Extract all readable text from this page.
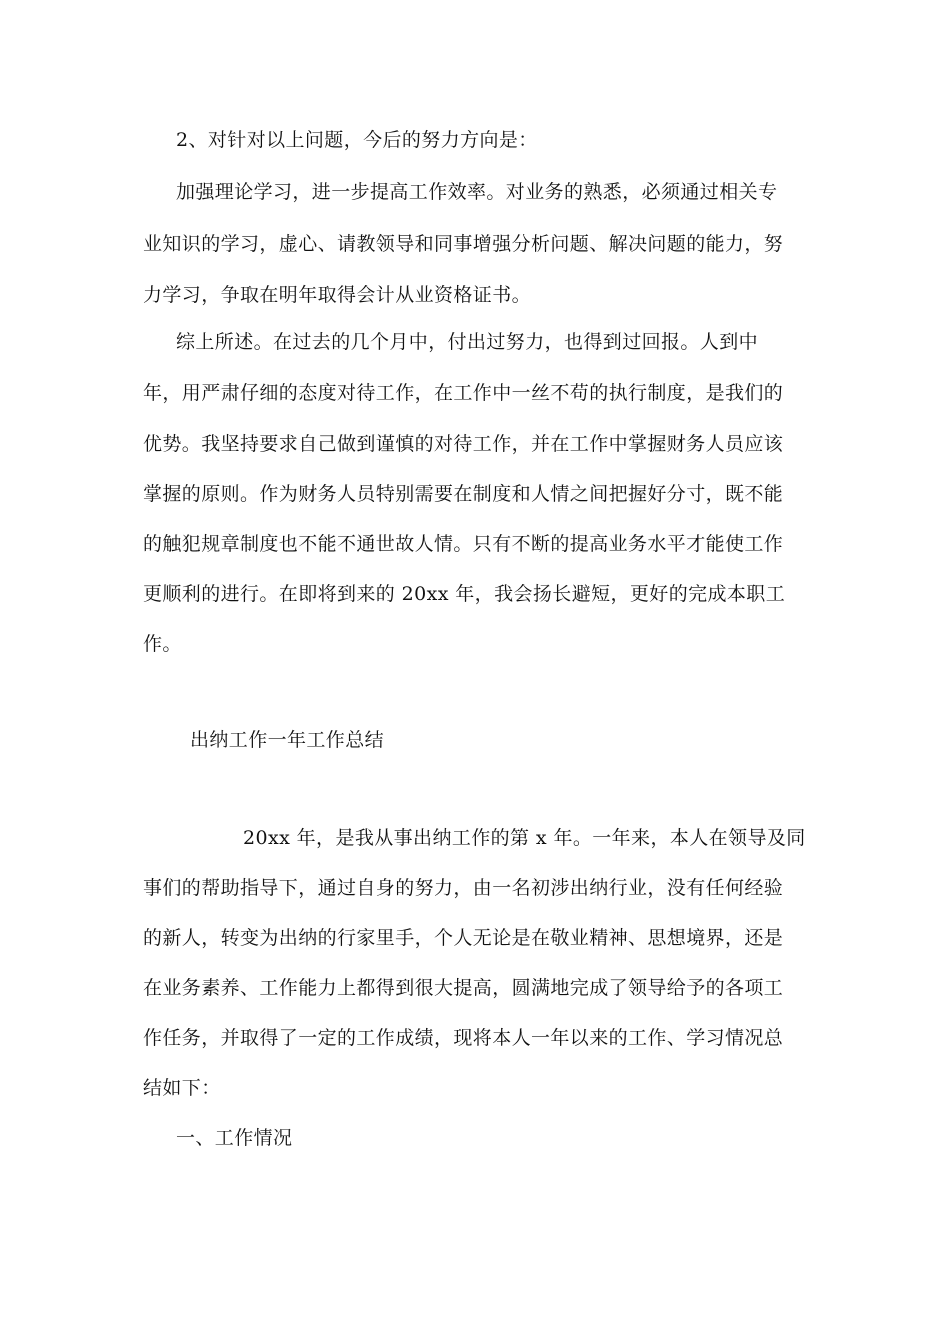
2、对针对以上问题，今后的努力方向是：
加强理论学习，进一步提高工作效率。对业务的熟悉，必须通过相关专
业知识的学习，虚心、请教领导和同事增强分析问题、解决问题的能力，努
力学习，争取在明年取得会计从业资格证书。
综上所述。在过去的几个月中，付出过努力，也得到过回报。人到中
年，用严肃仔细的态度对待工作，在工作中一丝不苟的执行制度，是我们的
优势。我坚持要求自己做到谨慎的对待工作，并在工作中掌握财务人员应该
掌握的原则。作为财务人员特别需要在制度和人情之间把握好分寸，既不能
的触犯规章制度也不能不通世故人情。只有不断的提高业务水平才能使工作
更顺利的进行。在即将到来的 20xx 年，我会扬长避短，更好的完成本职工
作。
出纳工作一年工作总结
20xx 年，是我从事出纳工作的第 x 年。一年来，本人在领导及同
事们的帮助指导下，通过自身的努力，由一名初涉出纳行业，没有任何经验
的新人，转变为出纳的行家里手，个人无论是在敬业精神、思想境界，还是
在业务素养、工作能力上都得到很大提高，圆满地完成了领导给予的各项工
作任务，并取得了一定的工作成绩，现将本人一年以来的工作、学习情况总
结如下：
一、工作情况
